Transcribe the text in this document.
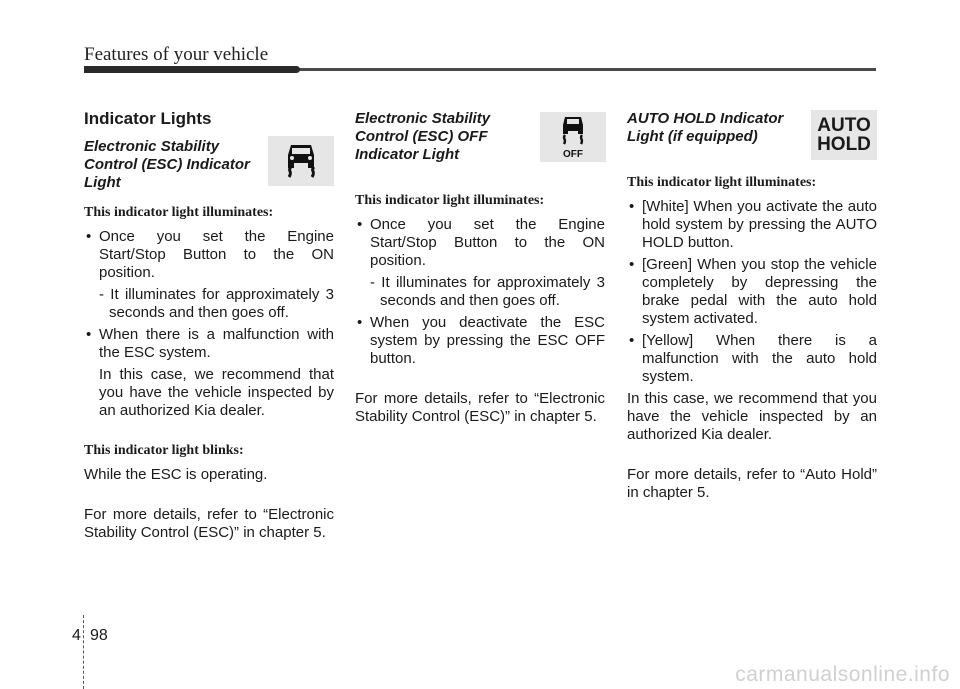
Features of your vehicle
OFF
AUTO
HOLD

Indicator Lights

Electronic Stability Control (ESC) Indicator Light

This indicator light illuminates:

• Once you set the Engine Start/Stop Button to the ON position.

- It illuminates for approximately 3 seconds and then goes off.

• When there is a malfunction with the ESC system.

In this case, we recommend that you have the vehicle inspected by an authorized Kia dealer.

This indicator light blinks:

While the ESC is operating.

For more details, refer to “Electronic Stability Control (ESC)” in chapter 5.

Electronic Stability Control (ESC) OFF Indicator Light

This indicator light illuminates:

• Once you set the Engine Start/Stop Button to the ON position.

- It illuminates for approximately 3 seconds and then goes off.

• When you deactivate the ESC system by pressing the ESC OFF button.

For more details, refer to “Electronic Stability Control (ESC)” in chapter 5.

AUTO HOLD Indicator Light (if equipped)

This indicator light illuminates:

• [White] When you activate the auto hold system by pressing the AUTO HOLD button.

• [Green] When you stop the vehicle completely by depressing the brake pedal with the auto hold system activated.

• [Yellow] When there is a malfunction with the auto hold system.

In this case, we recommend that you have the vehicle inspected by an authorized Kia dealer.

For more details, refer to “Auto Hold” in chapter 5.

4 98
carmanualsonline.info
